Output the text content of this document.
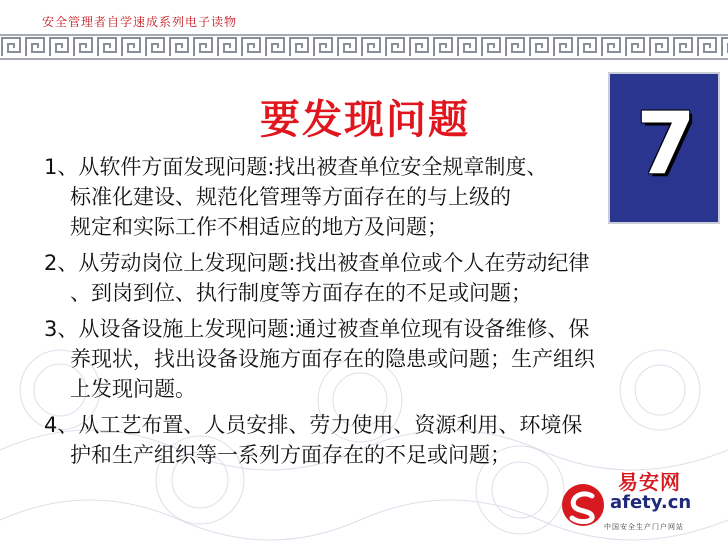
安全管理者自学速成系列电子读物
7
要发现问题
1、从软件方面发现问题:找出被查单位安全规章制度、
标准化建设、规范化管理等方面存在的与上级的
规定和实际工作不相适应的地方及问题；
2、从劳动岗位上发现问题:找出被查单位或个人在劳动纪律
、到岗到位、执行制度等方面存在的不足或问题；
3、从设备设施上发现问题:通过被查单位现有设备维修、保
养现状，找出设备设施方面存在的隐患或问题；生产组织
上发现问题。
4、从工艺布置、人员安排、劳力使用、资源利用、环境保
护和生产组织等一系列方面存在的不足或问题；
易安网
afety.cn
中国安全生产门户网站
